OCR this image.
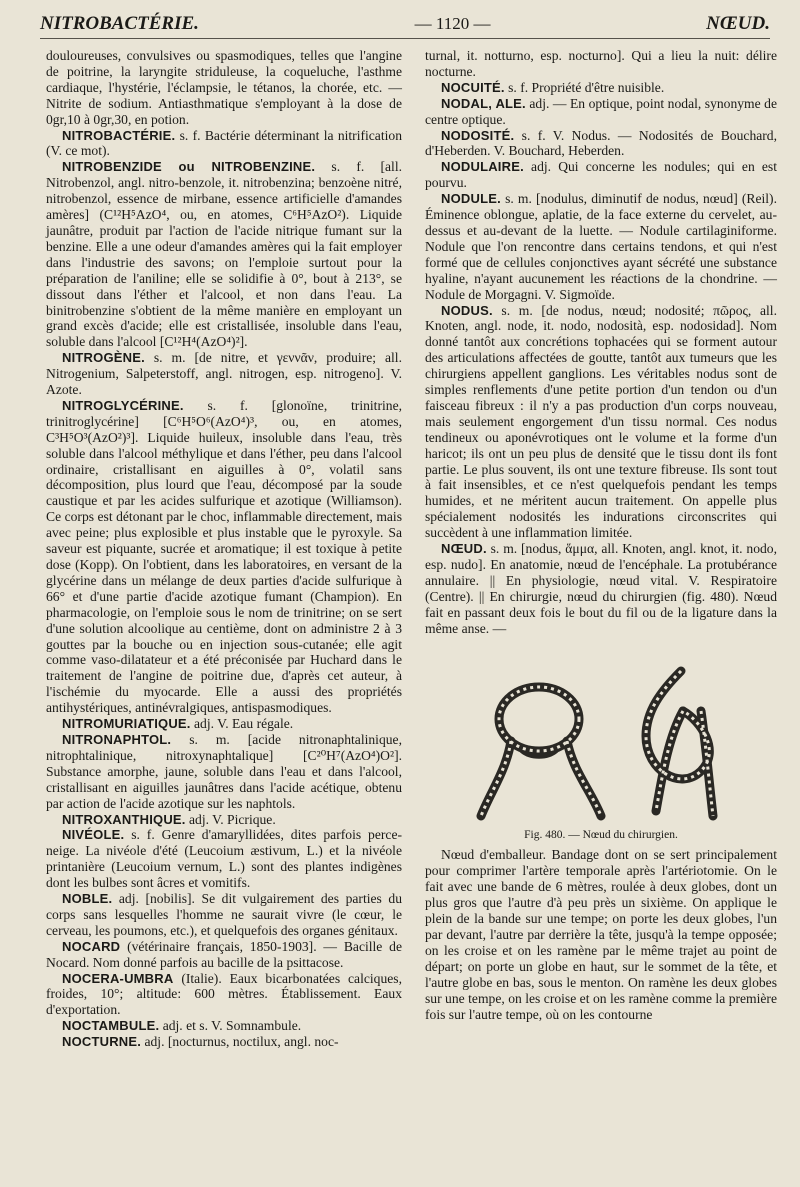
NITROBACTÉRIE.	— 1120 —	NŒUD.
douloureuses, convulsives ou spasmodiques, telles que l'angine de poitrine, la laryngite striduleuse, la coqueluche, l'asthme cardiaque, l'hystérie, l'éclampsie, le tétanos, la chorée, etc. — Nitrite de sodium. Antiasthmatique s'employant à la dose de 0gr,10 à 0gr,30, en potion.
NITROBACTÉRIE. s. f. Bactérie déterminant la nitrification (V. ce mot).
NITROBENZIDE ou NITROBENZINE. s. f. [all. Nitrobenzol, angl. nitro-benzole, it. nitrobenzina; benzoène nitré, nitrobenzol, essence de mirbane, essence artificielle d'amandes amères] (C¹²H⁵AzO⁴, ou, en atomes, C⁶H⁵AzO²). Liquide jaunâtre, produit par l'action de l'acide nitrique fumant sur la benzine. Elle a une odeur d'amandes amères qui la fait employer dans l'industrie des savons; on l'emploie surtout pour la préparation de l'aniline; elle se solidifie à 0°, bout à 213°, se dissout dans l'éther et l'alcool, et non dans l'eau. La binitrobenzine s'obtient de la même manière en employant un grand excès d'acide; elle est cristallisée, insoluble dans l'eau, soluble dans l'alcool [C¹²H⁴(AzO⁴)²].
NITROGÈNE. s. m. [de nitre, et γεννᾶν, produire; all. Nitrogenium, Salpeterstoff, angl. nitrogen, esp. nitrogeno]. V. Azote.
NITROGLYCÉRINE. s. f. [glonoïne, trinitrine, trinitroglycérine] [C⁶H⁵O⁶(AzO⁴)³, ou, en atomes, C³H⁵O³(AzO²)³]. Liquide huileux, insoluble dans l'eau, très soluble dans l'alcool méthylique et dans l'éther, peu dans l'alcool ordinaire, cristallisant en aiguilles à 0°, volatil sans décomposition, plus lourd que l'eau, décomposé par la soude caustique et par les acides sulfurique et azotique (Williamson). Ce corps est détonant par le choc, inflammable directement, mais avec peine; plus explosible et plus instable que le pyroxyle. Sa saveur est piquante, sucrée et aromatique; il est toxique à petite dose (Kopp). On l'obtient, dans les laboratoires, en versant de la glycérine dans un mélange de deux parties d'acide sulfurique à 66° et d'une partie d'acide azotique fumant (Champion). En pharmacologie, on l'emploie sous le nom de trinitrine; on se sert d'une solution alcoolique au centième, dont on administre 2 à 3 gouttes par la bouche ou en injection sous-cutanée; elle agit comme vaso-dilatateur et a été préconisée par Huchard dans le traitement de l'angine de poitrine due, d'après cet auteur, à l'ischémie du myocarde. Elle a aussi des propriétés antihystériques, antinévralgiques, antispasmodiques.
NITROMURIATIQUE. adj. V. Eau régale.
NITRONAPHTOL. s. m. [acide nitronaphtalinique, nitrophtalinique, nitroxynaphtalique] [C²⁰H⁷(AzO⁴)O²]. Substance amorphe, jaune, soluble dans l'eau et dans l'alcool, cristallisant en aiguilles jaunâtres dans l'acide acétique, obtenu par action de l'acide azotique sur les naphtols.
NITROXANTHIQUE. adj. V. Picrique.
NIVÉOLE. s. f. Genre d'amaryllidées, dites parfois perce-neige. La nivéole d'été (Leucoium æstivum, L.) et la nivéole printanière (Leucoium vernum, L.) sont des plantes indigènes dont les bulbes sont âcres et vomitifs.
NOBLE. adj. [nobilis]. Se dit vulgairement des parties du corps sans lesquelles l'homme ne saurait vivre (le cœur, le cerveau, les poumons, etc.), et quelquefois des organes génitaux.
NOCARD (vétérinaire français, 1850-1903]. — Bacille de Nocard. Nom donné parfois au bacille de la psittacose.
NOCERA-UMBRA (Italie). Eaux bicarbonatées calciques, froides, 10°; altitude: 600 mètres. Établissement. Eaux d'exportation.
NOCTAMBULE. adj. et s. V. Somnambule.
NOCTURNE. adj. [nocturnus, noctilux, angl. noc-
turnal, it. notturno, esp. nocturno]. Qui a lieu la nuit: délire nocturne.
NOCUITÉ. s. f. Propriété d'être nuisible.
NODAL, ALE. adj. — En optique, point nodal, synonyme de centre optique.
NODOSITÉ. s. f. V. Nodus. — Nodosités de Bouchard, d'Heberden. V. Bouchard, Heberden.
NODULAIRE. adj. Qui concerne les nodules; qui en est pourvu.
NODULE. s. m. [nodulus, diminutif de nodus, nœud] (Reil). Éminence oblongue, aplatie, de la face externe du cervelet, au-dessus et au-devant de la luette. — Nodule cartilaginiforme. Nodule que l'on rencontre dans certains tendons, et qui n'est formé que de cellules conjonctives ayant sécrété une substance hyaline, n'ayant aucunement les réactions de la chondrine. — Nodule de Morgagni. V. Sigmoïde.
NODUS. s. m. [de nodus, nœud; nodosité; πῶρος, all. Knoten, angl. node, it. nodo, nodosità, esp. nodosidad]. Nom donné tantôt aux concrétions tophacées qui se forment autour des articulations affectées de goutte, tantôt aux tumeurs que les chirurgiens appellent ganglions. Les véritables nodus sont de simples renflements d'une petite portion d'un tendon ou d'un faisceau fibreux : il n'y a pas production d'un corps nouveau, mais seulement engorgement d'un tissu normal. Ces nodus tendineux ou aponévrotiques ont le volume et la forme d'un haricot; ils ont un peu plus de densité que le tissu dont ils font partie. Le plus souvent, ils ont une texture fibreuse. Ils sont tout à fait insensibles, et ce n'est quelquefois pendant les temps humides, et ne méritent aucun traitement. On appelle plus spécialement nodosités les indurations circonscrites qui succèdent à une inflammation limitée.
NŒUD. s. m. [nodus, ἅμμα, all. Knoten, angl. knot, it. nodo, esp. nudo]. En anatomie, nœud de l'encéphale. La protubérance annulaire. || En physiologie, nœud vital. V. Respiratoire (Centre). || En chirurgie, nœud du chirurgien (fig. 480). Nœud fait en passant deux fois le bout du fil ou de la ligature dans la même anse. —
Fig. 480. — Nœud du chirurgien.
Nœud d'emballeur. Bandage dont on se sert principalement pour comprimer l'artère temporale après l'artériotomie. On le fait avec une bande de 6 mètres, roulée à deux globes, dont un plus gros que l'autre d'à peu près un sixième. On applique le plein de la bande sur une tempe; on porte les deux globes, l'un par devant, l'autre par derrière la tête, jusqu'à la tempe opposée; on les croise et on les ramène par le même trajet au point de départ; on porte un globe en haut, sur le sommet de la tête, et l'autre globe en bas, sous le menton. On ramène les deux globes sur une tempe, on les croise et on les ramène comme la première fois sur l'autre tempe, où on les contourne
